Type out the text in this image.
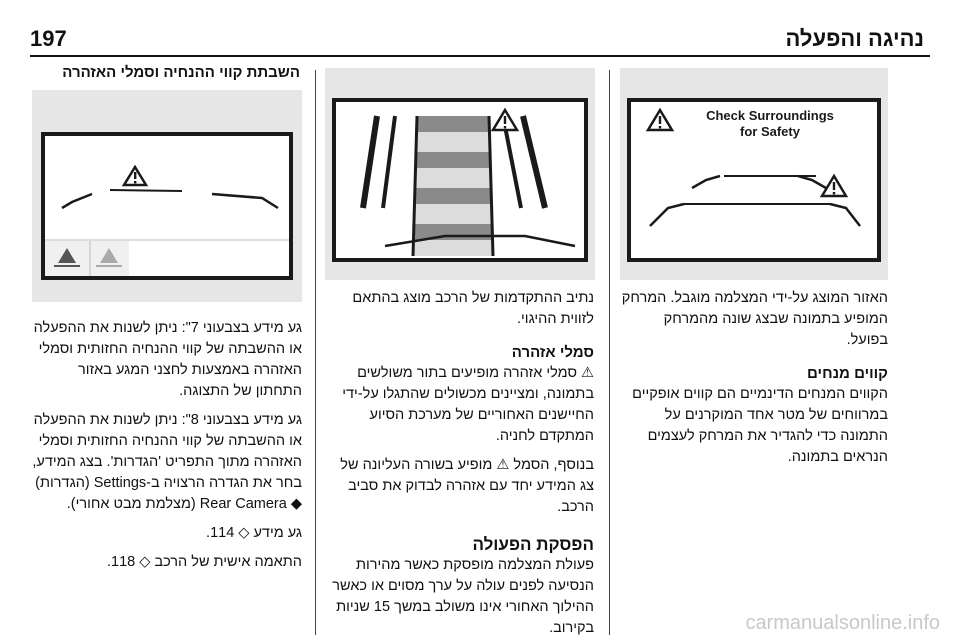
197	נהיגה והפעלה

השבתת קווי ההנחיה וסמלי האזהרה

גע מידע בצבעוני 7": ניתן לשנות את ההפעלה או ההשבתה של קווי ההנחיה החזותית וסמלי האזהרה באמצעות לחצני המגע באזור התחתון של התצוגה.

גע מידע בצבעוני 8": ניתן לשנות את ההפעלה או ההשבתה של קווי ההנחיה החזותית וסמלי האזהרה מתוך התפריט 'הגדרות'. בצג המידע, בחר את הגדרה הרצויה ב-Settings (הגדרות) ◆ Rear Camera (מצלמת מבט אחורי).

גע מידע ◇ 114.

התאמה אישית של הרכב ◇ 118.

נתיב ההתקדמות של הרכב מוצג בהתאם לזווית ההיגוי.

סמלי אזהרה

⚠ סמלי אזהרה מופיעים בתור משולשים בתמונה, ומציינים מכשולים שהתגלו על-ידי החיישנים האחוריים של מערכת הסיוע המתקדם לחניה.

בנוסף, הסמל ⚠ מופיע בשורה העליונה של צג המידע יחד עם אזהרה לבדוק את סביב הרכב.

הפסקת הפעולה

פעולת המצלמה מופסקת כאשר מהירות הנסיעה לפנים עולה על ערך מסוים או כאשר ההילוך האחורי אינו משולב במשך 15 שניות בקירוב.

Check Surroundings
for Safety

האזור המוצג על-ידי המצלמה מוגבל. המרחק המופיע בתמונה שבצג שונה מהמרחק בפועל.

קווים מנחים

הקווים המנחים הדינמיים הם קווים אופקיים במרווחים של מטר אחד המוקרנים על התמונה כדי להגדיר את המרחק לעצמים הנראים בתמונה.

carmanualsonline.info
